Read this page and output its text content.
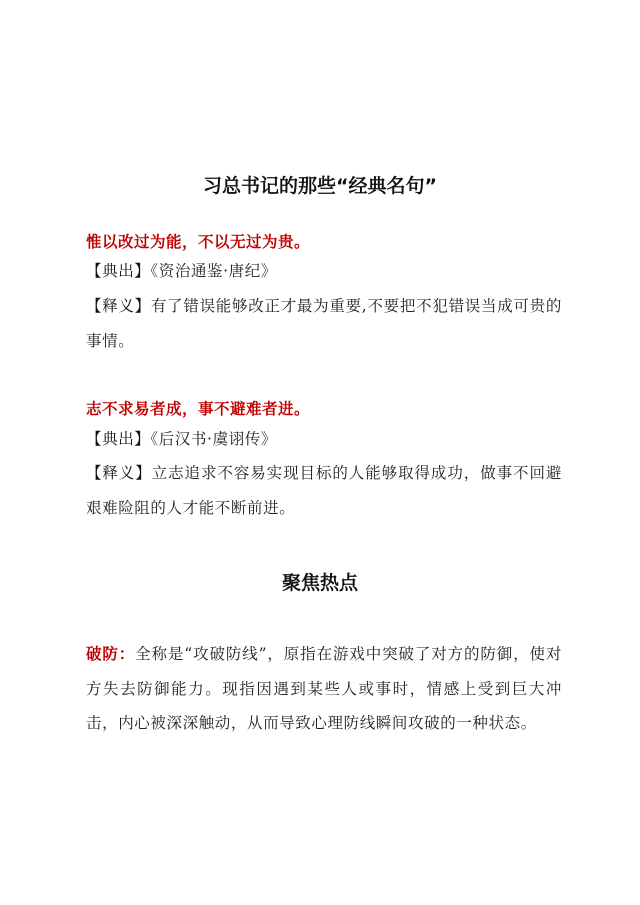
习总书记的那些“经典名句”
惟以改过为能，不以无过为贵。
【典出】《资治通鉴·唐纪》
【释义】有了错误能够改正才最为重要,不要把不犯错误当成可贵的事情。
志不求易者成，事不避难者进。
【典出】《后汉书·虞诩传》
【释义】立志追求不容易实现目标的人能够取得成功，做事不回避艰难险阻的人才能不断前进。
聚焦热点
破防：全称是“攻破防线”，原指在游戏中突破了对方的防御，使对方失去防御能力。现指因遇到某些人或事时，情感上受到巨大冲击，内心被深深触动，从而导致心理防线瞬间攻破的一种状态。
